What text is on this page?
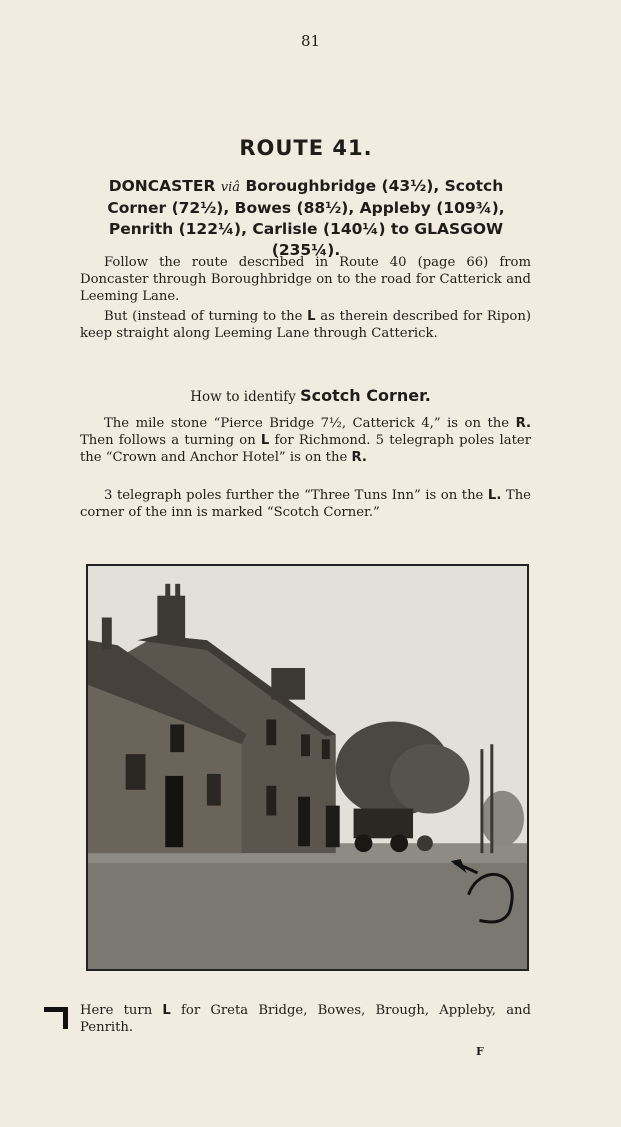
81
ROUTE 41.
DONCASTER viâ Boroughbridge (43½), Scotch Corner (72½), Bowes (88½), Appleby (109¾), Penrith (122¼), Carlisle (140¼) to GLASGOW (235¼).
Follow the route described in Route 40 (page 66) from Doncaster through Boroughbridge on to the road for Catterick and Leeming Lane.
But (instead of turning to the L as therein described for Ripon) keep straight along Leeming Lane through Catterick.
How to identify Scotch Corner.
The mile stone “Pierce Bridge 7½, Catterick 4,” is on the R. Then follows a turning on L for Richmond. 5 telegraph poles later the “Crown and Anchor Hotel” is on the R.
3 telegraph poles further the “Three Tuns Inn” is on the L. The corner of the inn is marked “Scotch Corner.”
Here turn L for Greta Bridge, Bowes, Brough, Appleby, and Penrith.
F
